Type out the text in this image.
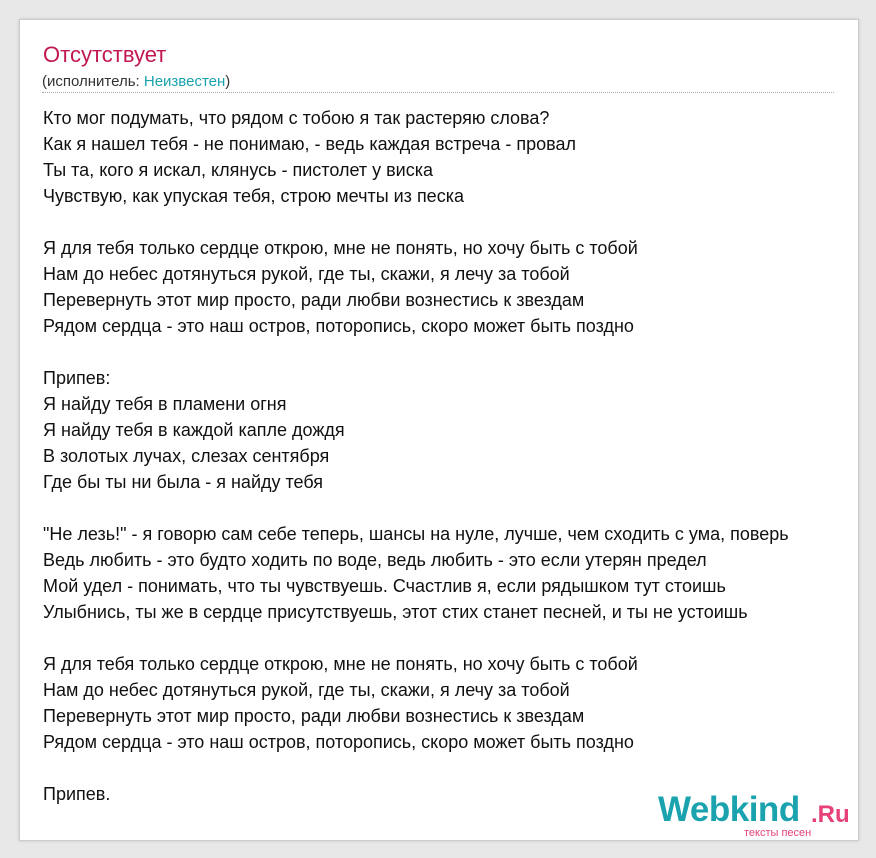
Отсутствует
(исполнитель: Неизвестен)
Кто мог подумать, что рядом с тобою я так растеряю слова?
Как я нашел тебя - не понимаю, - ведь каждая встреча - провал
Ты та, кого я искал, клянусь - пистолет у виска
Чувствую, как упуская тебя, строю мечты из песка
Я для тебя только сердце открою, мне не понять, но хочу быть с тобой
Нам до небес дотянуться рукой, где ты, скажи, я лечу за тобой
Перевернуть этот мир просто, ради любви вознестись к звездам
Рядом сердца - это наш остров, поторопись, скоро может быть поздно
Припев:
Я найду тебя в пламени огня
Я найду тебя в каждой капле дождя
В золотых лучах, слезах сентября
Где бы ты ни была - я найду тебя
"Не лезь!" - я говорю сам себе теперь, шансы на нуле, лучше, чем сходить с ума, поверь
Ведь любить - это будто ходить по воде, ведь любить - это если утерян предел
Мой удел - понимать, что ты чувствуешь. Счастлив я, если рядышком тут стоишь
Улыбнись, ты же в сердце присутствуешь, этот стих станет песней, и ты не устоишь
Я для тебя только сердце открою, мне не понять, но хочу быть с тобой
Нам до небес дотянуться рукой, где ты, скажи, я лечу за тобой
Перевернуть этот мир просто, ради любви вознестись к звездам
Рядом сердца - это наш остров, поторопись, скоро может быть поздно
Припев.	Webkind .Ru
тексты песен
